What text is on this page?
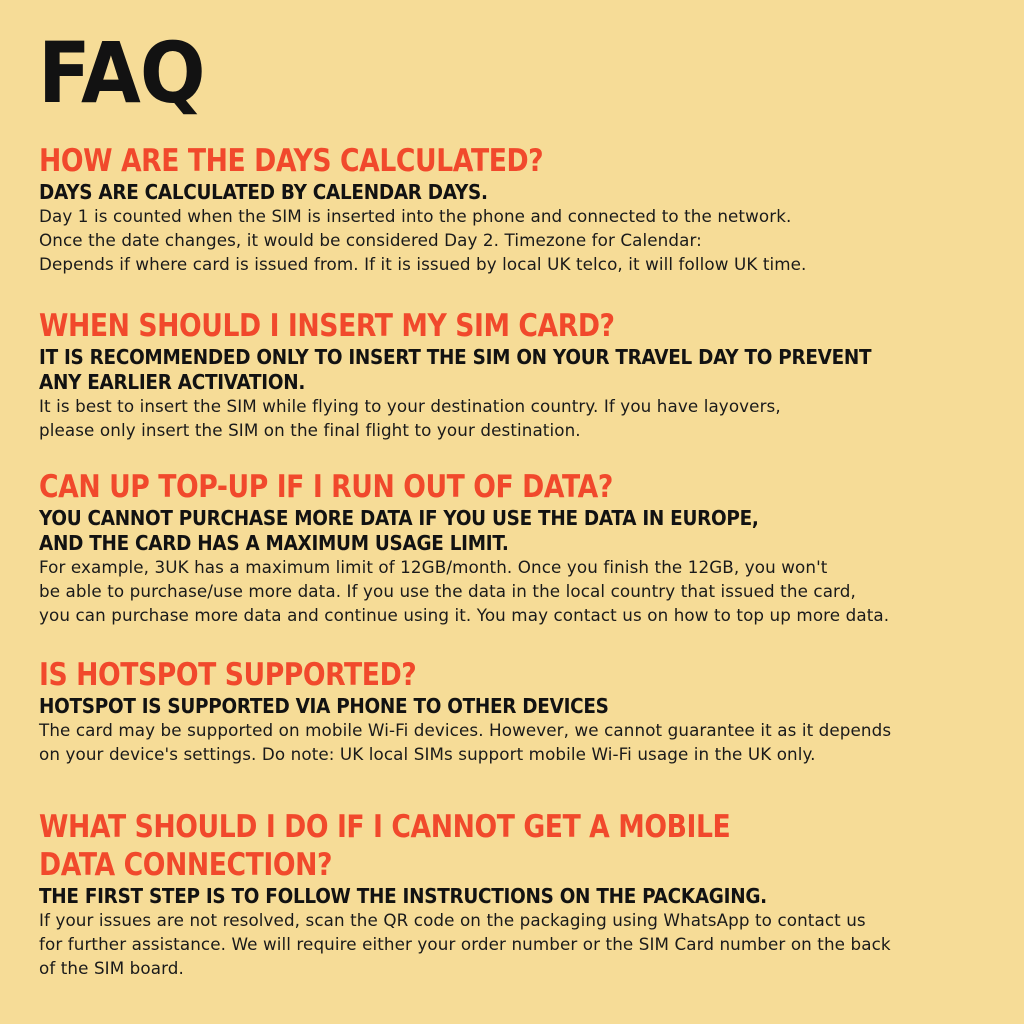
FAQ
HOW ARE THE DAYS CALCULATED?

DAYS ARE CALCULATED BY CALENDAR DAYS.

Day 1 is counted when the SIM is inserted into the phone and connected to the network.
Once the date changes, it would be considered Day 2. Timezone for Calendar:
Depends if where card is issued from. If it is issued by local UK telco, it will follow UK time.

WHEN SHOULD I INSERT MY SIM CARD?

IT IS RECOMMENDED ONLY TO INSERT THE SIM ON YOUR TRAVEL DAY TO PREVENT
ANY EARLIER ACTIVATION.

It is best to insert the SIM while flying to your destination country. If you have layovers,
please only insert the SIM on the final flight to your destination.

CAN UP TOP-UP IF I RUN OUT OF DATA?

YOU CANNOT PURCHASE MORE DATA IF YOU USE THE DATA IN EUROPE,
AND THE CARD HAS A MAXIMUM USAGE LIMIT.

For example, 3UK has a maximum limit of 12GB/month. Once you finish the 12GB, you won't
be able to purchase/use more data. If you use the data in the local country that issued the card,
you can purchase more data and continue using it. You may contact us on how to top up more data.

IS HOTSPOT SUPPORTED?

HOTSPOT IS SUPPORTED VIA PHONE TO OTHER DEVICES

The card may be supported on mobile Wi-Fi devices. However, we cannot guarantee it as it depends
on your device's settings. Do note: UK local SIMs support mobile Wi-Fi usage in the UK only.

WHAT SHOULD I DO IF I CANNOT GET A MOBILE DATA CONNECTION?

THE FIRST STEP IS TO FOLLOW THE INSTRUCTIONS ON THE PACKAGING.

If your issues are not resolved, scan the QR code on the packaging using WhatsApp to contact us
for further assistance. We will require either your order number or the SIM Card number on the back
of the SIM board.
